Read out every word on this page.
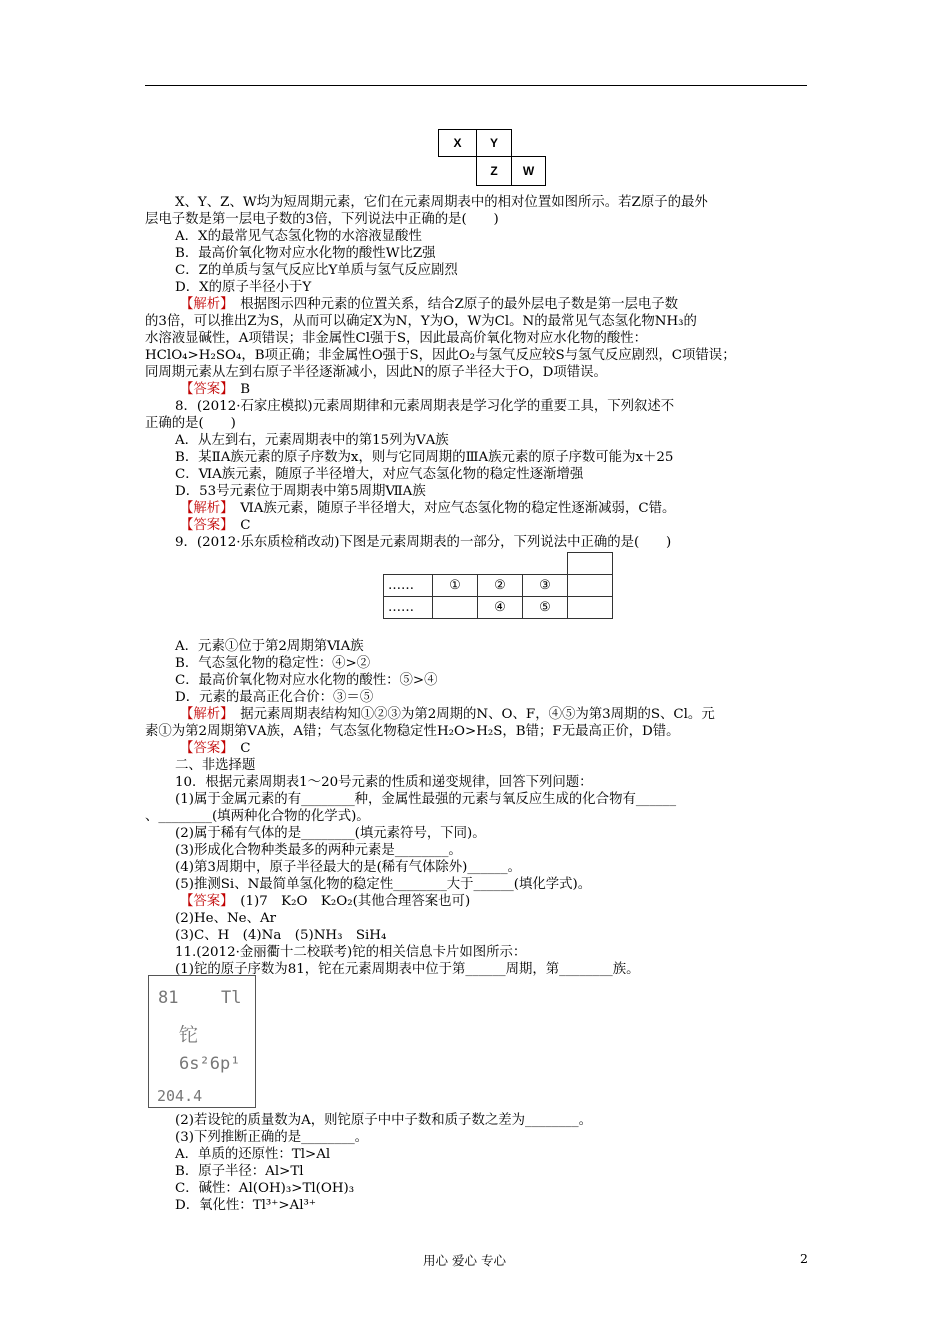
X	Y
Z	W
X、Y、Z、W均为短周期元素，它们在元素周期表中的相对位置如图所示。若Z原子的最外
层电子数是第一层电子数的3倍，下列说法中正确的是(　　)
A．X的最常见气态氢化物的水溶液显酸性
B．最高价氧化物对应水化物的酸性W比Z强
C．Z的单质与氢气反应比Y单质与氢气反应剧烈
D．X的原子半径小于Y
【解析】　 根据图示四种元素的位置关系，结合Z原子的最外层电子数是第一层电子数
的3倍，可以推出Z为S，从而可以确定X为N，Y为O，W为Cl。N的最常见气态氢化物NH₃的
水溶液显碱性，A项错误；非金属性Cl强于S，因此最高价氧化物对应水化物的酸性：
HClO₄>H₂SO₄，B项正确；非金属性O强于S，因此O₂与氢气反应较S与氢气反应剧烈，C项错误；
同周期元素从左到右原子半径逐渐减小，因此N的原子半径大于O，D项错误。
【答案】　 B
8．(2012·石家庄模拟)元素周期律和元素周期表是学习化学的重要工具，下列叙述不
正确的是(　　)
A．从左到右，元素周期表中的第15列为ⅤA族
B．某ⅡA族元素的原子序数为x，则与它同周期的ⅢA族元素的原子序数可能为x＋25
C．ⅥA族元素，随原子半径增大，对应气态氢化物的稳定性逐渐增强
D．53号元素位于周期表中第5周期ⅦA族
【解析】　 ⅥA族元素，随原子半径增大，对应气态氢化物的稳定性逐渐减弱，C错。
【答案】　 C
9．(2012·乐东质检稍改动)下图是元素周期表的一部分，下列说法中正确的是(　　)

……	①	②	③	
……		④	⑤	
A．元素①位于第2周期第ⅥA族
B．气态氢化物的稳定性：④>②
C．最高价氧化物对应水化物的酸性：⑤>④
D．元素的最高正化合价：③＝⑤
【解析】　 据元素周期表结构知①②③为第2周期的N、O、F，④⑤为第3周期的S、Cl。元
素①为第2周期第ⅤA族，A错；气态氢化物稳定性H₂O>H₂S，B错；F无最高正价，D错。
【答案】　 C
二、非选择题
10．根据元素周期表1～20号元素的性质和递变规律，回答下列问题：
(1)属于金属元素的有________种，金属性最强的元素与氧反应生成的化合物有______
、________(填两种化合物的化学式)。
(2)属于稀有气体的是________(填元素符号，下同)。
(3)形成化合物种类最多的两种元素是________。
(4)第3周期中，原子半径最大的是(稀有气体除外)______。
(5)推测Si、N最简单氢化物的稳定性________大于______(填化学式)。
【答案】　 (1)7　K₂O　K₂O₂(其他合理答案也可)
(2)He、Ne、Ar
(3)C、H　(4)Na　(5)NH₃　SiH₄
11.(2012·金丽衢十二校联考)铊的相关信息卡片如图所示：
(1)铊的原子序数为81，铊在元素周期表中位于第______周期，第________族。
81	Tl
铊
6s²6p¹
204.4
(2)若设铊的质量数为A，则铊原子中中子数和质子数之差为________。
(3)下列推断正确的是________。
A．单质的还原性：Tl>Al
B．原子半径：Al>Tl
C．碱性：Al(OH)₃>Tl(OH)₃
D．氧化性：Tl³⁺>Al³⁺
用心 爱心 专心	2
